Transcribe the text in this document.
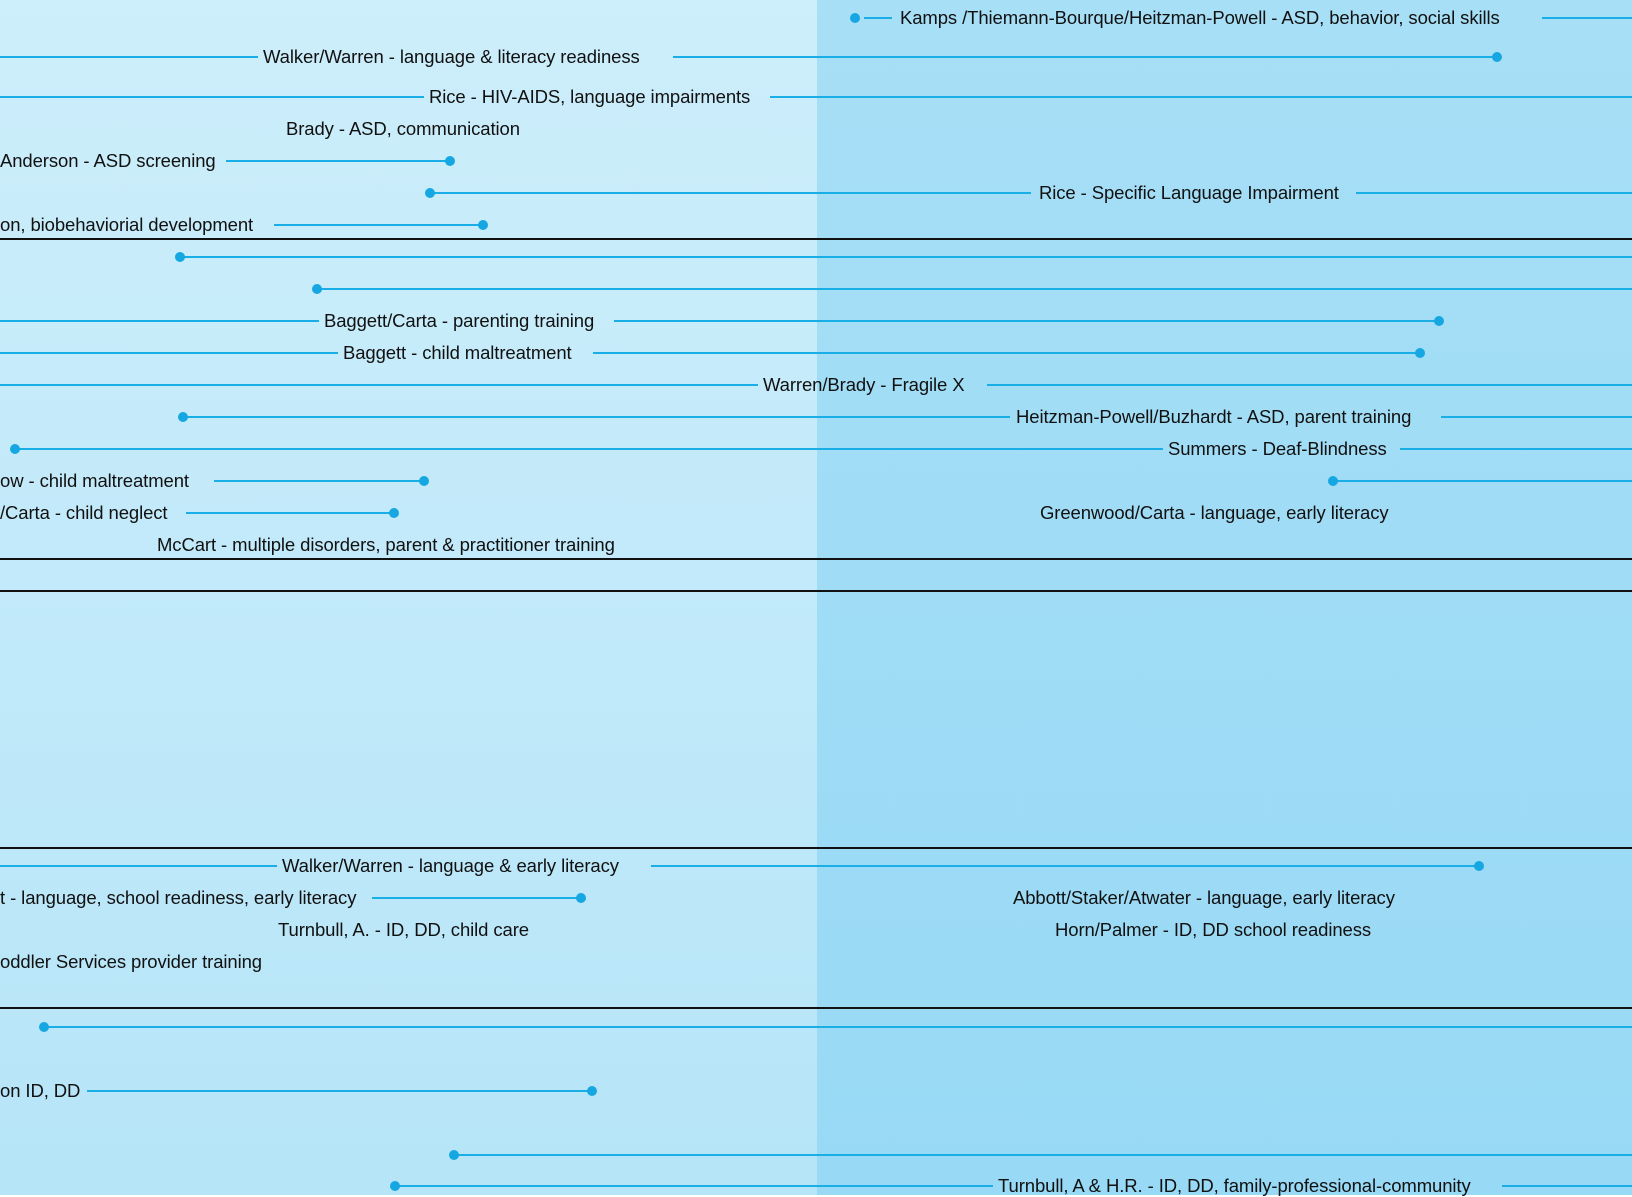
Kamps /Thiemann-Bourque/Heitzman-Powell - ASD, behavior, social skills
Walker/Warren - language & literacy readiness
Rice - HIV-AIDS, language impairments
Brady - ASD, communication
Anderson - ASD screening
Rice - Specific Language Impairment
on, biobehaviorial development
Baggett/Carta - parenting training
Baggett - child maltreatment
Warren/Brady - Fragile X
Heitzman-Powell/Buzhardt - ASD, parent training
Summers - Deaf-Blindness
ow - child maltreatment
/Carta - child neglect	Greenwood/Carta - language, early literacy
McCart - multiple disorders, parent & practitioner training
Walker/Warren - language & early literacy
t - language, school readiness, early literacy	Abbott/Staker/Atwater - language, early literacy
Turnbull, A. - ID, DD, child care	Horn/Palmer - ID, DD school readiness
oddler Services provider training
on ID, DD
Turnbull, A & H.R. - ID, DD, family-professional-community
